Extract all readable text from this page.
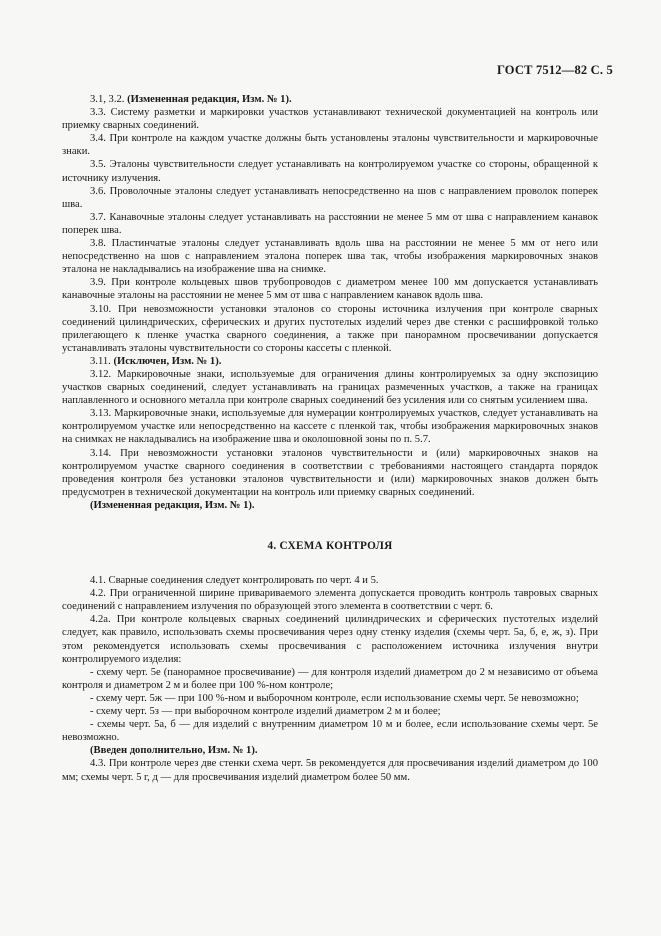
ГОСТ 7512—82 С. 5

3.1, 3.2. (Измененная редакция, Изм. № 1).

3.3. Систему разметки и маркировки участков устанавливают технической документацией на контроль или приемку сварных соединений.

3.4. При контроле на каждом участке должны быть установлены эталоны чувствительности и маркировочные знаки.

3.5. Эталоны чувствительности следует устанавливать на контролируемом участке со стороны, обращенной к источнику излучения.

3.6. Проволочные эталоны следует устанавливать непосредственно на шов с направлением проволок поперек шва.

3.7. Канавочные эталоны следует устанавливать на расстоянии не менее 5 мм от шва с направлением канавок поперек шва.

3.8. Пластинчатые эталоны следует устанавливать вдоль шва на расстоянии не менее 5 мм от него или непосредственно на шов с направлением эталона поперек шва так, чтобы изображения маркировочных знаков эталона не накладывались на изображение шва на снимке.

3.9. При контроле кольцевых швов трубопроводов с диаметром менее 100 мм допускается устанавливать канавочные эталоны на расстоянии не менее 5 мм от шва с направлением канавок вдоль шва.

3.10. При невозможности установки эталонов со стороны источника излучения при контроле сварных соединений цилиндрических, сферических и других пустотелых изделий через две стенки с расшифровкой только прилегающего к пленке участка сварного соединения, а также при панорамном просвечивании допускается устанавливать эталоны чувствительности со стороны кассеты с пленкой.

3.11. (Исключен, Изм. № 1).

3.12. Маркировочные знаки, используемые для ограничения длины контролируемых за одну экспозицию участков сварных соединений, следует устанавливать на границах размеченных участков, а также на границах наплавленного и основного металла при контроле сварных соединений без усиления или со снятым усилением шва.

3.13. Маркировочные знаки, используемые для нумерации контролируемых участков, следует устанавливать на контролируемом участке или непосредственно на кассете с пленкой так, чтобы изображения маркировочных знаков на снимках не накладывались на изображение шва и околошовной зоны по п. 5.7.

3.14. При невозможности установки эталонов чувствительности и (или) маркировочных знаков на контролируемом участке сварного соединения в соответствии с требованиями настоящего стандарта порядок проведения контроля без установки эталонов чувствительности и (или) маркировочных знаков должен быть предусмотрен в технической документации на контроль или приемку сварных соединений.

(Измененная редакция, Изм. № 1).

4. СХЕМА КОНТРОЛЯ

4.1. Сварные соединения следует контролировать по черт. 4 и 5.

4.2. При ограниченной ширине привариваемого элемента допускается проводить контроль тавровых сварных соединений с направлением излучения по образующей этого элемента в соответствии с черт. 6.

4.2а. При контроле кольцевых сварных соединений цилиндрических и сферических пустотелых изделий следует, как правило, использовать схемы просвечивания через одну стенку изделия (схемы черт. 5а, б, е, ж, з). При этом рекомендуется использовать схемы просвечивания с расположением источника излучения внутри контролируемого изделия:

- схему черт. 5е (панорамное просвечивание) — для контроля изделий диаметром до 2 м независимо от объема контроля и диаметром 2 м и более при 100 %-ном контроле;

- схему черт. 5ж — при 100 %-ном и выборочном контроле, если использование схемы черт. 5е невозможно;

- схему черт. 5з — при выборочном контроле изделий диаметром 2 м и более;

- схемы черт. 5а, б — для изделий с внутренним диаметром 10 м и более, если использование схемы черт. 5е невозможно.

(Введен дополнительно, Изм. № 1).

4.3. При контроле через две стенки схема черт. 5в рекомендуется для просвечивания изделий диаметром до 100 мм; схемы черт. 5 г, д — для просвечивания изделий диаметром более 50 мм.
